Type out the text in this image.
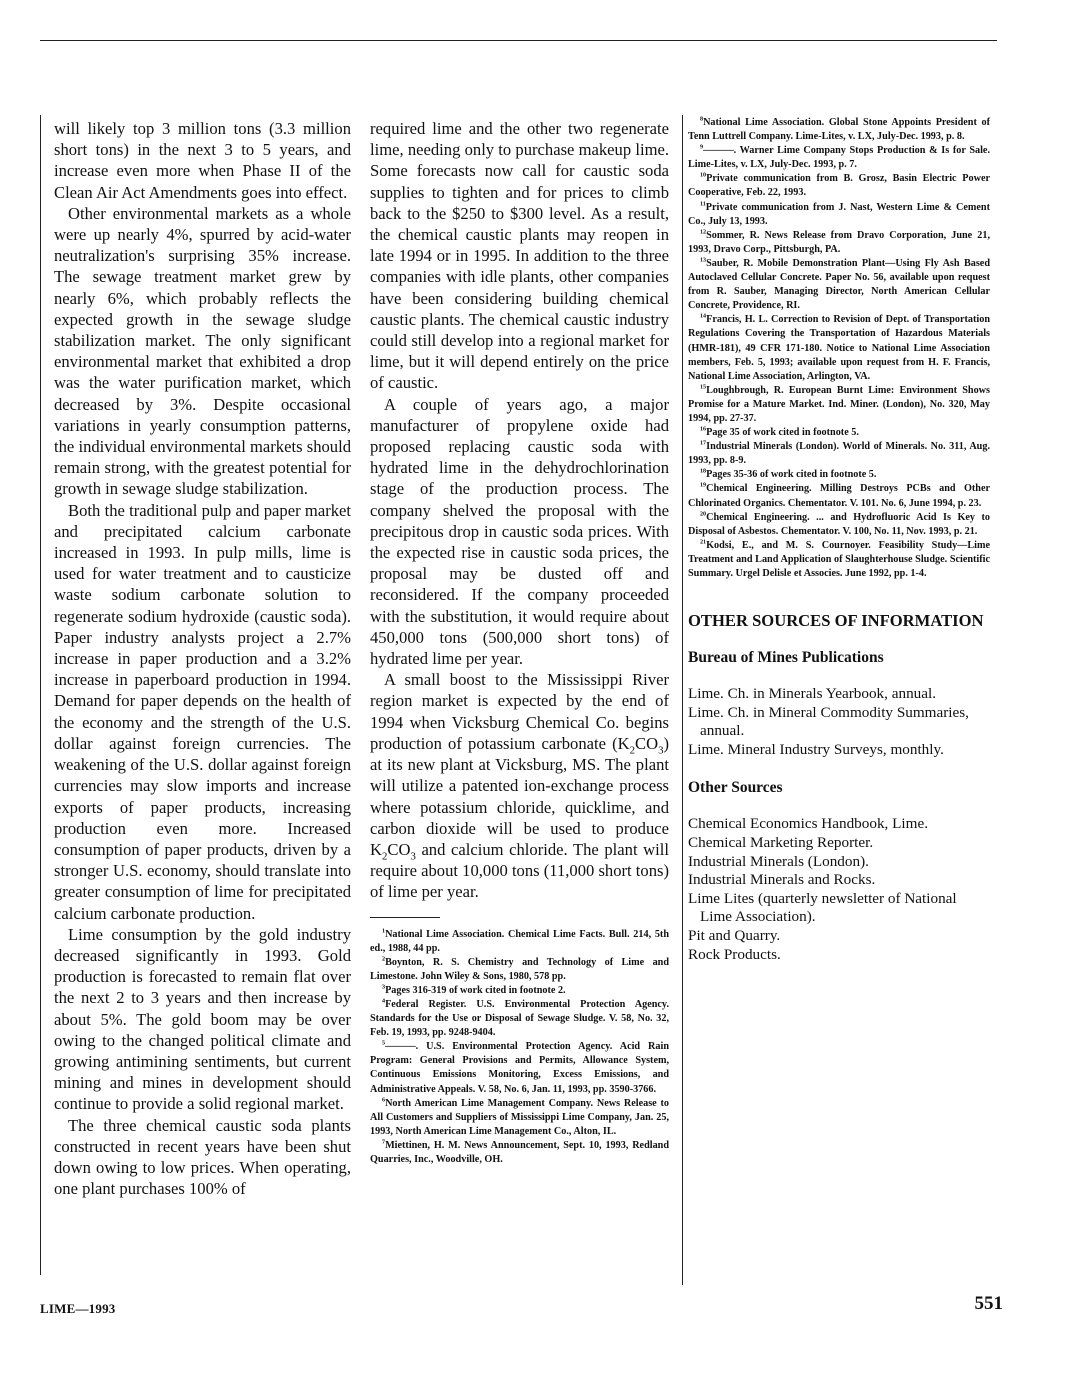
will likely top 3 million tons (3.3 million short tons) in the next 3 to 5 years, and increase even more when Phase II of the Clean Air Act Amendments goes into effect.

Other environmental markets as a whole were up nearly 4%, spurred by acid-water neutralization's surprising 35% increase. The sewage treatment market grew by nearly 6%, which probably reflects the expected growth in the sewage sludge stabilization market. The only significant environmental market that exhibited a drop was the water purification market, which decreased by 3%. Despite occasional variations in yearly consumption patterns, the individual environmental markets should remain strong, with the greatest potential for growth in sewage sludge stabilization.

Both the traditional pulp and paper market and precipitated calcium carbonate increased in 1993. In pulp mills, lime is used for water treatment and to causticize waste sodium carbonate solution to regenerate sodium hydroxide (caustic soda). Paper industry analysts project a 2.7% increase in paper production and a 3.2% increase in paperboard production in 1994. Demand for paper depends on the health of the economy and the strength of the U.S. dollar against foreign currencies. The weakening of the U.S. dollar against foreign currencies may slow imports and increase exports of paper products, increasing production even more. Increased consumption of paper products, driven by a stronger U.S. economy, should translate into greater consumption of lime for precipitated calcium carbonate production.

Lime consumption by the gold industry decreased significantly in 1993. Gold production is forecasted to remain flat over the next 2 to 3 years and then increase by about 5%. The gold boom may be over owing to the changed political climate and growing antimining sentiments, but current mining and mines in development should continue to provide a solid regional market.

The three chemical caustic soda plants constructed in recent years have been shut down owing to low prices. When operating, one plant purchases 100% of

required lime and the other two regenerate lime, needing only to purchase makeup lime. Some forecasts now call for caustic soda supplies to tighten and for prices to climb back to the $250 to $300 level. As a result, the chemical caustic plants may reopen in late 1994 or in 1995. In addition to the three companies with idle plants, other companies have been considering building chemical caustic plants. The chemical caustic industry could still develop into a regional market for lime, but it will depend entirely on the price of caustic.

A couple of years ago, a major manufacturer of propylene oxide had proposed replacing caustic soda with hydrated lime in the dehydrochlorination stage of the production process. The company shelved the proposal with the precipitous drop in caustic soda prices. With the expected rise in caustic soda prices, the proposal may be dusted off and reconsidered. If the company proceeded with the substitution, it would require about 450,000 tons (500,000 short tons) of hydrated lime per year.

A small boost to the Mississippi River region market is expected by the end of 1994 when Vicksburg Chemical Co. begins production of potassium carbonate $(K_2CO_3)$ at its new plant at Vicksburg, MS. The plant will utilize a patented ion-exchange process where potassium chloride, quicklime, and carbon dioxide will be used to produce $K_2CO_3$ and calcium chloride. The plant will require about 10,000 tons (11,000 short tons) of lime per year.

$^1$National Lime Association. Chemical Lime Facts. Bull. 214, 5th ed., 1988, 44 pp.

$^2$Boynton, R. S. Chemistry and Technology of Lime and Limestone. John Wiley & Sons, 1980, 578 pp.

$^3$Pages 316-319 of work cited in footnote 2.

$^4$Federal Register. U.S. Environmental Protection Agency. Standards for the Use or Disposal of Sewage Sludge. V. 58, No. 32, Feb. 19, 1993, pp. 9248-9404.

$^5$———. U.S. Environmental Protection Agency. Acid Rain Program: General Provisions and Permits, Allowance System, Continuous Emissions Monitoring, Excess Emissions, and Administrative Appeals. V. 58, No. 6, Jan. 11, 1993, pp. 3590-3766.

$^6$North American Lime Management Company. News Release to All Customers and Suppliers of Mississippi Lime Company, Jan. 25, 1993, North American Lime Management Co., Alton, IL.

$^7$Miettinen, H. M. News Announcement, Sept. 10, 1993, Redland Quarries, Inc., Woodville, OH.

$^8$National Lime Association. Global Stone Appoints President of Tenn Luttrell Company. Lime-Lites, v. LX, July-Dec. 1993, p. 8.

$^9$———. Warner Lime Company Stops Production & Is for Sale. Lime-Lites, v. LX, July-Dec. 1993, p. 7.

$^{10}$Private communication from B. Grosz, Basin Electric Power Cooperative, Feb. 22, 1993.

$^{11}$Private communication from J. Nast, Western Lime & Cement Co., July 13, 1993.

$^{12}$Sommer, R. News Release from Dravo Corporation, June 21, 1993, Dravo Corp., Pittsburgh, PA.

$^{13}$Sauber, R. Mobile Demonstration Plant—Using Fly Ash Based Autoclaved Cellular Concrete. Paper No. 56, available upon request from R. Sauber, Managing Director, North American Cellular Concrete, Providence, RI.

$^{14}$Francis, H. L. Correction to Revision of Dept. of Transportation Regulations Covering the Transportation of Hazardous Materials (HMR-181), 49 CFR 171-180. Notice to National Lime Association members, Feb. 5, 1993; available upon request from H. F. Francis, National Lime Association, Arlington, VA.

$^{15}$Loughbrough, R. European Burnt Lime: Environment Shows Promise for a Mature Market. Ind. Miner. (London), No. 320, May 1994, pp. 27-37.

$^{16}$Page 35 of work cited in footnote 5.

$^{17}$Industrial Minerals (London). World of Minerals. No. 311, Aug. 1993, pp. 8-9.

$^{18}$Pages 35-36 of work cited in footnote 5.

$^{19}$Chemical Engineering. Milling Destroys PCBs and Other Chlorinated Organics. Chementator. V. 101. No. 6, June 1994, p. 23.

$^{20}$Chemical Engineering. ... and Hydrofluoric Acid Is Key to Disposal of Asbestos. Chementator. V. 100, No. 11, Nov. 1993, p. 21.

$^{21}$Kodsi, E., and M. S. Cournoyer. Feasibility Study—Lime Treatment and Land Application of Slaughterhouse Sludge. Scientific Summary. Urgel Delisle et Associes. June 1992, pp. 1-4.

OTHER SOURCES OF INFORMATION
Bureau of Mines Publications
Lime. Ch. in Minerals Yearbook, annual.
Lime. Ch. in Mineral Commodity Summaries, annual.
Lime. Mineral Industry Surveys, monthly.
Other Sources
Chemical Economics Handbook, Lime.
Chemical Marketing Reporter.
Industrial Minerals (London).
Industrial Minerals and Rocks.
Lime Lites (quarterly newsletter of National Lime Association).
Pit and Quarry.
Rock Products.
LIME—1993	551
